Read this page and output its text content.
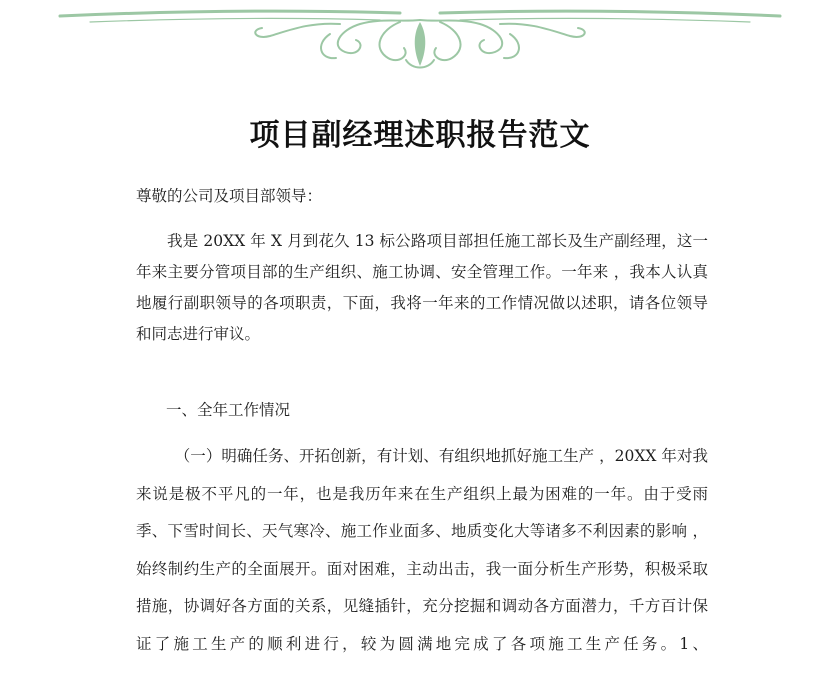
项目副经理述职报告范文
尊敬的公司及项目部领导：
我是 20XX 年 X 月到花久 13 标公路项目部担任施工部长及生产副经理，这一年来主要分管项目部的生产组织、施工协调、安全管理工作。一年来 ，我本人认真地履行副职领导的各项职责，下面，我将一年来的工作情况做以述职，请各位领导和同志进行审议。
一、全年工作情况
（一）明确任务、开拓创新，有计划、有组织地抓好施工生产 ，20XX 年对我来说是极不平凡的一年，也是我历年来在生产组织上最为困难的一年。由于受雨季、下雪时间长、天气寒冷、施工作业面多、地质变化大等诸多不利因素的影响 ，始终制约生产的全面展开。面对困难，主动出击，我一面分析生产形势，积极采取措施，协调好各方面的关系，见缝插针，充分挖掘和调动各方面潜力，千方百计保证了施工生产的顺利进行，较为圆满地完成了各项施工生产任务。1、
